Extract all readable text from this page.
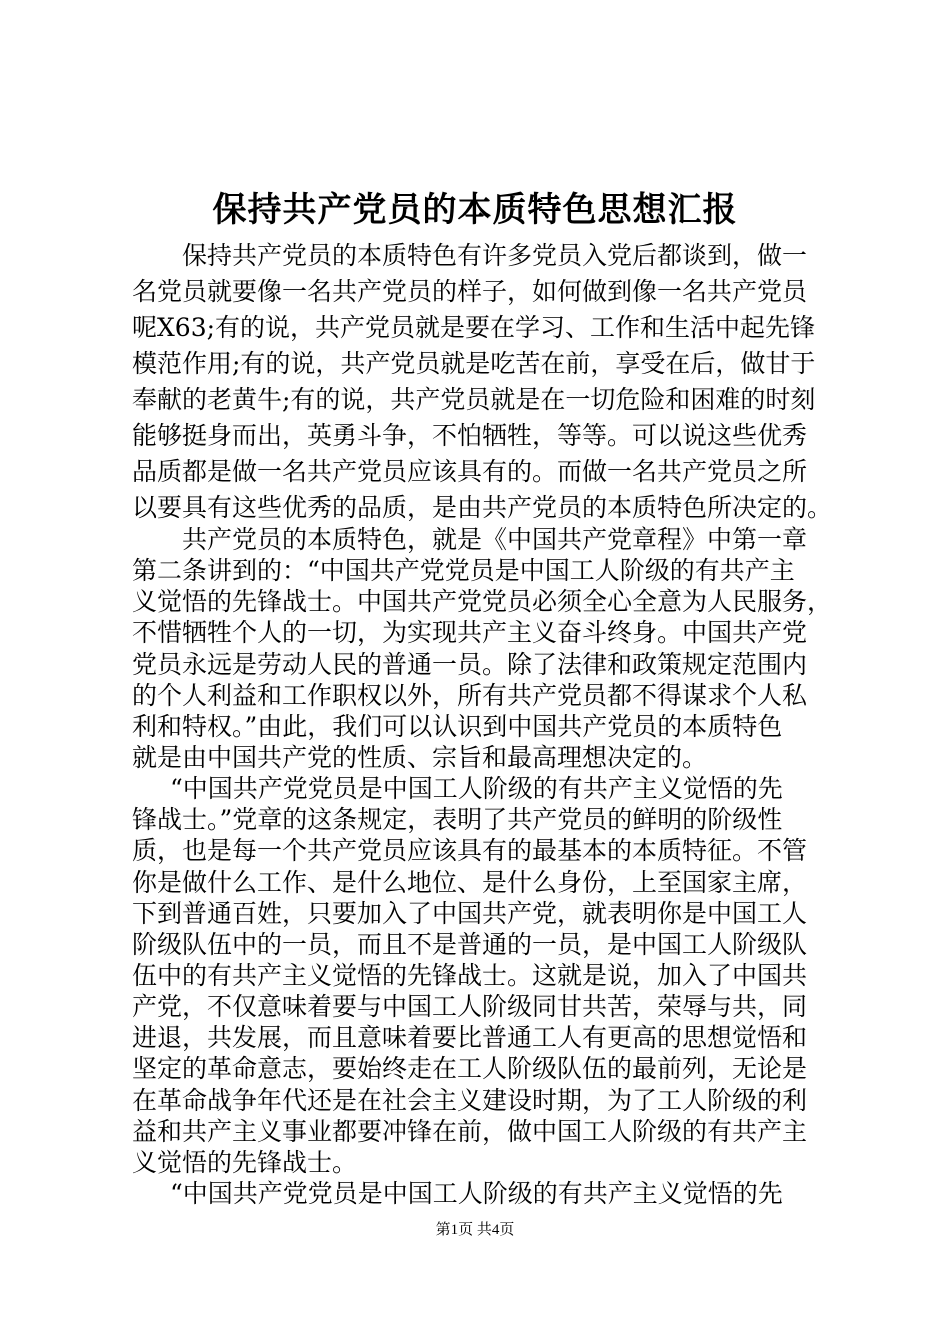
保持共产党员的本质特色思想汇报
保持共产党员的本质特色有许多党员入党后都谈到，做一
名党员就要像一名共产党员的样子，如何做到像一名共产党员
呢X63;有的说，共产党员就是要在学习、工作和生活中起先锋
模范作用;有的说，共产党员就是吃苦在前，享受在后，做甘于
奉献的老黄牛;有的说，共产党员就是在一切危险和困难的时刻
能够挺身而出，英勇斗争，不怕牺牲，等等。可以说这些优秀
品质都是做一名共产党员应该具有的。而做一名共产党员之所
以要具有这些优秀的品质，是由共产党员的本质特色所决定的。
共产党员的本质特色，就是《中国共产党章程》中第一章
第二条讲到的：“中国共产党党员是中国工人阶级的有共产主
义觉悟的先锋战士。中国共产党党员必须全心全意为人民服务，
不惜牺牲个人的一切，为实现共产主义奋斗终身。中国共产党
党员永远是劳动人民的普通一员。除了法律和政策规定范围内
的个人利益和工作职权以外，所有共产党员都不得谋求个人私
利和特权。”由此，我们可以认识到中国共产党员的本质特色
就是由中国共产党的性质、宗旨和最高理想决定的。
“中国共产党党员是中国工人阶级的有共产主义觉悟的先
锋战士。”党章的这条规定，表明了共产党员的鲜明的阶级性
质，也是每一个共产党员应该具有的最基本的本质特征。不管
你是做什么工作、是什么地位、是什么身份，上至国家主席，
下到普通百姓，只要加入了中国共产党，就表明你是中国工人
阶级队伍中的一员，而且不是普通的一员，是中国工人阶级队
伍中的有共产主义觉悟的先锋战士。这就是说，加入了中国共
产党，不仅意味着要与中国工人阶级同甘共苦，荣辱与共，同
进退，共发展，而且意味着要比普通工人有更高的思想觉悟和
坚定的革命意志，要始终走在工人阶级队伍的最前列，无论是
在革命战争年代还是在社会主义建设时期，为了工人阶级的利
益和共产主义事业都要冲锋在前，做中国工人阶级的有共产主
义觉悟的先锋战士。
“中国共产党党员是中国工人阶级的有共产主义觉悟的先
第1页 共4页
